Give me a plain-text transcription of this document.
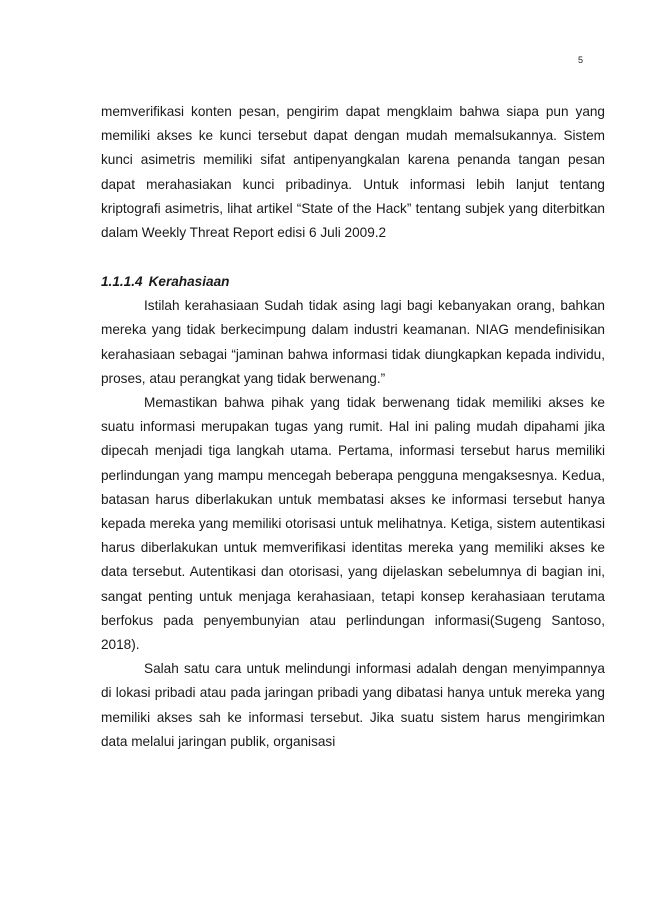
5

memverifikasi konten pesan, pengirim dapat mengklaim bahwa siapa pun yang memiliki akses ke kunci tersebut dapat dengan mudah memalsukannya. Sistem kunci asimetris memiliki sifat antipenyangkalan karena penanda tangan pesan dapat merahasiakan kunci pribadinya. Untuk informasi lebih lanjut tentang kriptografi asimetris, lihat artikel “State of the Hack” tentang subjek yang diterbitkan dalam Weekly Threat Report edisi 6 Juli 2009.2

1.1.1.4 Kerahasiaan

Istilah kerahasiaan Sudah tidak asing lagi bagi kebanyakan orang, bahkan mereka yang tidak berkecimpung dalam industri keamanan. NIAG mendefinisikan kerahasiaan sebagai “jaminan bahwa informasi tidak diungkapkan kepada individu, proses, atau perangkat yang tidak berwenang.”

Memastikan bahwa pihak yang tidak berwenang tidak memiliki akses ke suatu informasi merupakan tugas yang rumit. Hal ini paling mudah dipahami jika dipecah menjadi tiga langkah utama. Pertama, informasi tersebut harus memiliki perlindungan yang mampu mencegah beberapa pengguna mengaksesnya. Kedua, batasan harus diberlakukan untuk membatasi akses ke informasi tersebut hanya kepada mereka yang memiliki otorisasi untuk melihatnya. Ketiga, sistem autentikasi harus diberlakukan untuk memverifikasi identitas mereka yang memiliki akses ke data tersebut. Autentikasi dan otorisasi, yang dijelaskan sebelumnya di bagian ini, sangat penting untuk menjaga kerahasiaan, tetapi konsep kerahasiaan terutama berfokus pada penyembunyian atau perlindungan informasi(Sugeng Santoso, 2018).

Salah satu cara untuk melindungi informasi adalah dengan menyimpannya di lokasi pribadi atau pada jaringan pribadi yang dibatasi hanya untuk mereka yang memiliki akses sah ke informasi tersebut. Jika suatu sistem harus mengirimkan data melalui jaringan publik, organisasi
